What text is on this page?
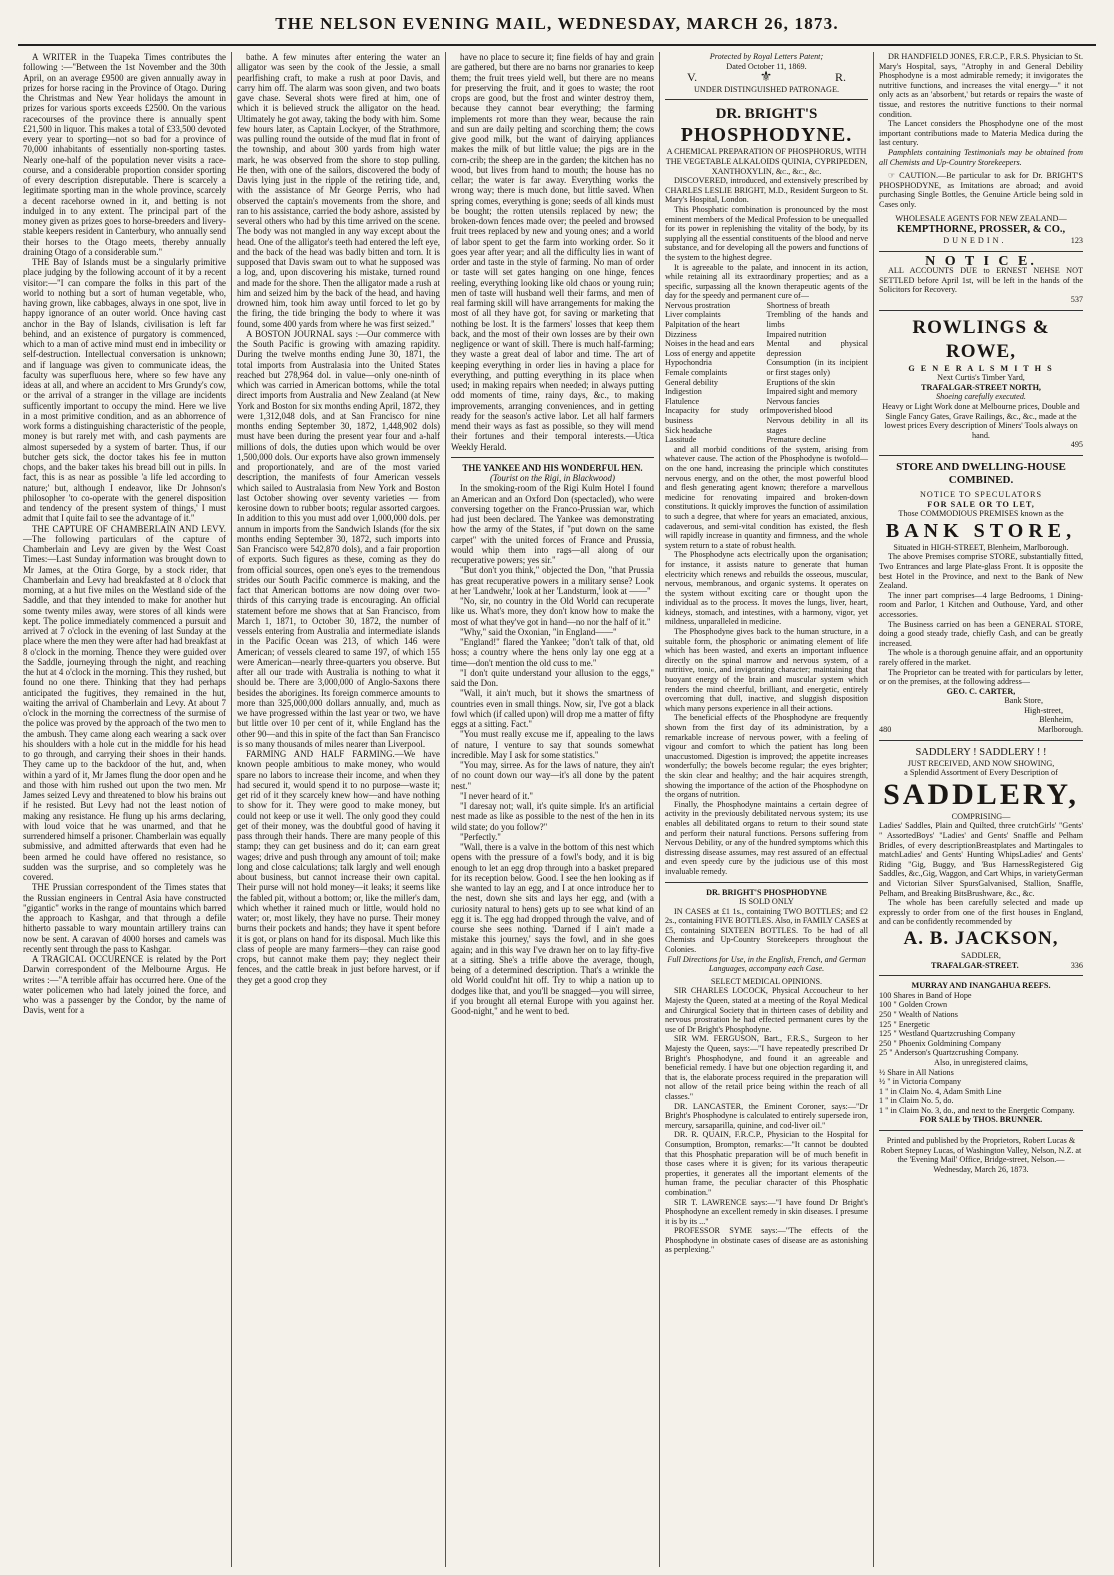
THE NELSON EVENING MAIL, WEDNESDAY, MARCH 26, 1873.

A WRITER in the Tuapeka Times contributes the following :—"Between the 1st November and the 30th April, on an average £9500 are given annually away in prizes for horse racing in the Province of Otago. During the Christmas and New Year holidays the amount in prizes for various sports exceeds £2500. On the various racecourses of the province there is annually spent £21,500 in liquor. This makes a total of £33,500 devoted every year to sporting—not so bad for a province of 70,000 inhabitants of essentially non-sporting tastes. Nearly one-half of the population never visits a race-course, and a considerable proportion consider sporting of every description disreputable. There is scarcely a legitimate sporting man in the whole province, scarcely a decent racehorse owned in it, and betting is not indulged in to any extent. The principal part of the money given as prizes goes to horse-breeders and livery-stable keepers resident in Canterbury, who annually send their horses to the Otago meets, thereby annually draining Otago of a considerable sum."

THE Bay of Islands must be a singularly primitive place judging by the following account of it by a recent visitor:—"I can compare the folks in this part of the world to nothing but a sort of human vegetable, who, having grown, like cabbages, always in one spot, live in happy ignorance of an outer world. Once having cast anchor in the Bay of Islands, civilisation is left far behind, and an existence of purgatory is commenced, which to a man of active mind must end in imbecility or self-destruction. Intellectual conversation is unknown; and if language was given to communicate ideas, the faculty was superfluous here, where so few have any ideas at all, and where an accident to Mrs Grundy's cow, or the arrival of a stranger in the village are incidents sufficently important to occupy the mind. Here we live in a most primitive condition, and as an abhorrence of work forms a distinguishing characteristic of the people, money is but rarely met with, and cash payments are almost superseded by a system of barter. Thus, if our butcher gets sick, the doctor takes his fee in mutton chops, and the baker takes his bread bill out in pills. In fact, this is as near as possible 'a life led according to nature;' but, although I endeavor, like Dr Johnson's philosopher 'to co-operate with the generel disposition and tendency of the present system of things,' I must admit that I quite fail to see the advantage of it."

THE CAPTURE OF CHAMBERLAIN AND LEVY.—The following particulars of the capture of Chamberlain and Levy are given by the West Coast Times:—Last Sunday information was brought down to Mr James, at the Otira Gorge, by a stock rider, that Chamberlain and Levy had breakfasted at 8 o'clock that morning, at a hut five miles on the Westland side of the Saddle, and that they intended to make for another hut some twenty miles away, were stores of all kinds were kept. The police immediately commenced a pursuit and arrived at 7 o'clock in the evening of last Sunday at the place where the men they were after had had breakfast at 8 o'clock in the morning. Thence they were guided over the Saddle, journeying through the night, and reaching the hut at 4 o'clock in the morning. This they rushed, but found no one there. Thinking that they had perhaps anticipated the fugitives, they remained in the hut, waiting the arrival of Chamberlain and Levy. At about 7 o'clock in the morning the correctness of the surmise of the police was proved by the approach of the two men to the ambush. They came along each wearing a sack over his shoulders with a hole cut in the middle for his head to go through, and carrying their shoes in their hands. They came up to the backdoor of the hut, and, when within a yard of it, Mr James flung the door open and he and those with him rushed out upon the two men. Mr James seized Levy and threatened to blow his brains out if he resisted. But Levy had not the least notion of making any resistance. He flung up his arms declaring, with loud voice that he was unarmed, and that he surrendered himself a prisoner. Chamberlain was equally submissive, and admitted afterwards that even had he been armed he could have offered no resistance, so sudden was the surprise, and so completely was he covered.

THE Prussian correspondent of the Times states that the Russian engineers in Central Asia have constructed "gigantic" works in the range of mountains which barred the approach to Kashgar, and that through a defile hitherto passable to wary mountain artillery trains can now be sent. A caravan of 4000 horses and camels was recently sent through the pass to Kashgar.

A TRAGICAL OCCURENCE is related by the Port Darwin correspondent of the Melbourne Argus. He writes :—"A terrible affair has occurred here. One of the water policemen who had lately joined the force, and who was a passenger by the Condor, by the name of Davis, went for a

bathe. A few minutes after entering the water an alligator was seen by the cook of the Jessie, a small pearlfishing craft, to make a rush at poor Davis, and carry him off. The alarm was soon given, and two boats gave chase. Several shots were fired at him, one of which it is believed struck the alligator on the head. Ultimately he got away, taking the body with him. Some few hours later, as Captain Lockyer, of the Strathmore, was pulling round the outside of the mud flat in front of the township, and about 300 yards from high water mark, he was observed from the shore to stop pulling. He then, with one of the sailors, discovered the body of Davis lying just in the ripple of the retiring tide, and, with the assistance of Mr George Perris, who had observed the captain's movements from the shore, and ran to his assistance, carried the body ashore, assisted by several others who had by this time arrived on the scene. The body was not mangled in any way except about the head. One of the alligator's teeth had entered the left eye, and the back of the head was badly bitten and torn. It is supposed that Davis swam out to what he supposed was a log, and, upon discovering his mistake, turned round and made for the shore. Then the alligator made a rush at him and seized him by the back of the head, and having drowned him, took him away until forced to let go by the firing, the tide bringing the body to where it was found, some 400 yards from where he was first seized."

A BOSTON JOURNAL says :—Our commerce with the South Pacific is growing with amazing rapidity. During the twelve months ending June 30, 1871, the total imports from Australasia into the United States reached but 278,964 dol. in value—only one-ninth of which was carried in American bottoms, while the total direct imports from Australia and New Zealand (at New York and Boston for six months ending April, 1872, they were 1,312,048 dols, and at San Francisco for nine months ending September 30, 1872, 1,448,902 dols) must have been during the present year four and a-half millions of dols, the duties upon which would be over 1,500,000 dols. Our exports have also grown immensely and proportionately, and are of the most varied description, the manifests of four American vessels which sailed to Australasia from New York and Boston last October showing over seventy varieties — from kerosine down to rubber boots; regular assorted cargoes. In addition to this you must add over 1,000,000 dols. per annum in imports from the Sandwich Islands (for the six months ending September 30, 1872, such imports into San Francisco were 542,870 dols), and a fair proportion of exports. Such figures as these, coming as they do from official sources, open one's eyes to the tremendous strides our South Pacific commerce is making, and the fact that American bottoms are now doing over two-thirds of this carrying trade is encouraging. An official statement before me shows that at San Francisco, from March 1, 1871, to October 30, 1872, the number of vessels entering from Australia and intermediate islands in the Pacific Ocean was 213, of which 146 were American; of vessels cleared to same 197, of which 155 were American—nearly three-quarters you observe. But after all our trade with Australia is nothing to what it should be. There are 3,000,000 of Anglo-Saxons there besides the aborigines. Its foreign commerce amounts to more than 325,000,000 dollars annually, and, much as we have progressed within the last year or two, we have but little over 10 per cent of it, while England has the other 90—and this in spite of the fact than San Francisco is so many thousands of miles nearer than Liverpool.

FARMING AND HALF FARMING.—We have known people ambitious to make money, who would spare no labors to increase their income, and when they had secured it, would spend it to no purpose—waste it; get rid of it they scarcely knew how—and have nothing to show for it. They were good to make money, but could not keep or use it well. The only good they could get of their money, was the doubtful good of having it pass through their hands. There are many people of this stamp; they can get business and do it; can earn great wages; drive and push through any amount of toil; make long and close calculations; talk largly and well enough about business, but cannot increase their own capital. Their purse will not hold money—it leaks; it seems like the fabled pit, without a bottom; or, like the miller's dam, which whether it rained much or little, would hold no water; or, most likely, they have no purse. Their money burns their pockets and hands; they have it spent before it is got, or plans on hand for its disposal. Much like this class of people are many farmers—they can raise good crops, but cannot make them pay; they neglect their fences, and the cattle break in just before harvest, or if they get a good crop they

have no place to secure it; fine fields of hay and grain are gathered, but there are no barns nor granaries to keep them; the fruit trees yield well, but there are no means for preserving the fruit, and it goes to waste; the root crops are good, but the frost and winter destroy them, because they cannot bear everything; the farming implements rot more than they wear, because the rain and sun are daily pelting and scorching them; the cows give good milk, but the want of dairying appliances makes the milk of but little value; the pigs are in the corn-crib; the sheep are in the garden; the kitchen has no wood, but lives from hand to mouth; the house has no cellar; the water is far away. Everything works the wrong way; there is much done, but little saved. When spring comes, everything is gone; seeds of all kinds must be bought; the rotten utensils replaced by new; the broken-down fences made over; the peeled and browsed fruit trees replaced by new and young ones; and a world of labor spent to get the farm into working order. So it goes year after year; and all the difficulty lies in want of order and taste in the style of farming. No man of order or taste will set gates hanging on one hinge, fences reeling, everything looking like old chaos or young ruin; men of taste will husband well their farms, and men of real farming skill will have arrangements for making the most of all they have got, for saving or marketing that nothing be lost. It is the farmers' losses that keep them back, and the most of their own losses are by their own negligence or want of skill. There is much half-farming; they waste a great deal of labor and time. The art of keeping everything in order lies in having a place for everything, and putting everything in its place when used; in making repairs when needed; in always putting odd moments of time, rainy days, &c., to making improvements, arranging conveniences, and in getting ready for the season's active labor. Let all half farmers mend their ways as fast as possible, so they will mend their fortunes and their temporal interests.—Utica Weekly Herald.

THE YANKEE AND HIS WONDERFUL HEN.

(Tourist on the Rigi, in Blackwood)

In the smoking-room of the Rigi Kulm Hotel I found an American and an Oxford Don (spectacled), who were conversing together on the Franco-Prussian war, which had just been declared. The Yankee was demonstrating how the army of the States, if "put down on the same carpet" with the united forces of France and Prussia, would whip them into rags—all along of our recuperative powers; yes sir."

"But don't you think," objected the Don, "that Prussia has great recuperative powers in a military sense? Look at her 'Landwehr,' look at her 'Landsturm,' look at ——"

"No, sir, no country in the Old World can recuperate like us. What's more, they don't know how to make the most of what they've got in hand—no nor the half of it."

"Why," said the Oxonian, "in England——"

"England!" flared the Yankee; "don't talk of that, old hoss; a country where the hens only lay one egg at a time—don't mention the old cuss to me."

"I don't quite understand your allusion to the eggs," said the Don.

"Wall, it ain't much, but it shows the smartness of countries even in small things. Now, sir, I've got a black fowl which (if called upon) will drop me a matter of fifty eggs at a sitting. Fact."

"You must really excuse me if, appealing to the laws of nature, I venture to say that sounds somewhat incredible. May I ask for some statistics."

"You may, sirree. As for the laws of nature, they ain't of no count down our way—it's all done by the patent nest."

"I never heard of it."

"I daresay not; wall, it's quite simple. It's an artificial nest made as like as possible to the nest of the hen in its wild state; do you follow?"

"Perfectly."

"Wall, there is a valve in the bottom of this nest which opens with the pressure of a fowl's body, and it is big enough to let an egg drop through into a basket prepared for its reception below. Good. I see the hen looking as if she wanted to lay an egg, and I at once introduce her to the nest, down she sits and lays her egg, and (with a curiosity natural to hens) gets up to see what kind of an egg it is. The egg had dropped through the valve, and of course she sees nothing. 'Darned if I ain't made a mistake this journey,' says the fowl, and in she goes again; and in this way I've drawn her on to lay fifty-five at a sitting. She's a trifle above the average, though, being of a determined description. That's a wrinkle the old World could'nt hit off. Try to whip a nation up to dodges like that, and you'll be snagged—you will sirree, if you brought all eternal Europe with you against her. Good-night," and he went to bed.

Protected by Royal Letters Patent;

Dated October 11, 1869.

V.	⚜	R.

UNDER DISTINGUISHED PATRONAGE.

DR. BRIGHT'S
PHOSPHODYNE.

A CHEMICAL PREPARATION OF PHOSPHORUS, WITH THE VEGETABLE ALKALOIDS QUINIA, CYPRIPEDEN, XANTHOXYLIN, &c., &c., &c.

DISCOVERED, introduced, and extensively prescribed by CHARLES LESLIE BRIGHT, M.D., Resident Surgeon to St. Mary's Hospital, London.

This Phosphatic combination is pronounced by the most eminent members of the Medical Profession to be unequalled for its power in replenishing the vitality of the body, by its supplying all the essential constituents of the blood and nerve substance, and for developing all the powers and functions of the system to the highest degree.

It is agreeable to the palate, and innocent in its action, while retaining all its extraordinary properties; and as a specific, surpassing all the known therapeutic agents of the day for the speedy and permanent cure of—

Nervous prostration
Liver complaints
Palpitation of the heart
Dizziness
Noises in the head and ears
Loss of energy and appetite
Hypochondria
Female complaints
General debility
Indigestion
Flatulence
Incapacity for study or business
Sick headache
Lassitude
Shortness of breath
Trembling of the hands and limbs
Impaired nutrition
Mental and physical depression
Consumption (in its incipient or first stages only)
Eruptions of the skin
Impaired sight and memory
Nervous fancies
Impoverished blood
Nervous debility in all its stages
Premature decline

and all morbid conditions of the system, arising from whatever cause. The action of the Phosphodyne is twofold—on the one hand, increasing the principle which constitutes nervous energy, and on the other, the most powerful blood and flesh generating agent known; therefore a marvellous medicine for renovating impaired and broken-down constitutions. It quickly improves the function of assimilation to such a degree, that where for years an emaciated, anxious, cadaverous, and semi-vital condition has existed, the flesh will rapidly increase in quantity and firmness, and the whole system return to a state of robust health.

The Phosphodyne acts electrically upon the organisation; for instance, it assists nature to generate that human electricity which renews and rebuilds the osseous, muscular, nervous, membranous, and organic systems. It operates on the system without exciting care or thought upon the individual as to the process. It moves the lungs, liver, heart, kidneys, stomach, and intestines, with a harmony, vigor, yet mildness, unparalleled in medicine.

The Phosphodyne gives back to the human structure, in a suitable form, the phosphoric or animating element of life which has been wasted, and exerts an important influence directly on the spinal marrow and nervous system, of a nutritive, tonic, and invigorating character; maintaining that buoyant energy of the brain and muscular system which renders the mind cheerful, brilliant, and energetic, entirely overcoming that dull, inactive, and sluggish disposition which many persons experience in all their actions.

The beneficial effects of the Phosphodyne are frequently shown from the first day of its administration, by a remarkable increase of nervous power, with a feeling of vigour and comfort to which the patient has long been unaccustomed. Digestion is improved; the appetite increases wonderfully; the bowels become regular; the eyes brighter; the skin clear and healthy; and the hair acquires strength, showing the importance of the action of the Phosphodyne on the organs of nutrition.

Finally, the Phosphodyne maintains a certain degree of activity in the previously debilitated nervous system; its use enables all debilitated organs to return to their sound state and perform their natural functions. Persons suffering from Nervous Debility, or any of the hundred symptoms which this distressing disease assumes, may rest assured of an effectual and even speedy cure by the judicious use of this most invaluable remedy.

DR. BRIGHT'S PHOSPHODYNE

IS SOLD ONLY

IN CASES at £1 1s., containing TWO BOTTLES; and £2 2s., containing FIVE BOTTLES. Also, in FAMILY CASES at £5, containing SIXTEEN BOTTLES. To be had of all Chemists and Up-Country Storekeepers throughout the Colonies.

Full Directions for Use, in the English, French, and German Languages, accompany each Case.

SELECT MEDICAL OPINIONS.

SIR CHARLES LOCOCK, Physical Accoucheur to her Majesty the Queen, stated at a meeting of the Royal Medical and Chirurgical Society that in thirteen cases of debility and nervous prostration he had effected permanent cures by the use of Dr Bright's Phosphodyne.

SIR WM. FERGUSON, Bart., F.R.S., Surgeon to her Majesty the Queen, says:—"I have repeatedly prescribed Dr Bright's Phosphodyne, and found it an agreeable and beneficial remedy. I have but one objection regarding it, and that is, the elaborate process required in the preparation will not allow of the retail price being within the reach of all classes."

DR. LANCASTER, the Eminent Coroner, says:—"Dr Bright's Phosphodyne is calculated to entirely supersede iron, mercury, sarsaparilla, quinine, and cod-liver oil."

DR. R. QUAIN, F.R.C.P., Physician to the Hospital for Consumption, Brompton, remarks:—"It cannot be doubted that this Phosphatic preparation will be of much benefit in those cases where it is given; for its various therapeutic properties, it generates all the important elements of the human frame, the peculiar character of this Phosphatic combination."

SIR T. LAWRENCE says:—"I have found Dr Bright's Phosphodyne an excellent remedy in skin diseases. I presume it is by its ..."

PROFESSOR SYME says:—"The effects of the Phosphodyne in obstinate cases of disease are as astonishing as perplexing."

DR HANDFIELD JONES, F.R.C.P., F.R.S. Physician to St. Mary's Hospital, says, "Atrophy in and General Debility Phosphodyne is a most admirable remedy; it invigorates the nutritive functions, and increases the vital energy—" it not only acts as an 'absorbent,' but retards or repairs the waste of tissue, and restores the nutritive functions to their normal condition.

The Lancet considers the Phosphodyne one of the most important contributions made to Materia Medica during the last century.

Pamphlets containing Testimonials may be obtained from all Chemists and Up-Country Storekeepers.

☞ CAUTION.—Be particular to ask for Dr. BRIGHT'S PHOSPHODYNE, as Imitations are abroad; and avoid purchasing Single Bottles, the Genuine Article being sold in Cases only.

WHOLESALE AGENTS FOR NEW ZEALAND—

KEMPTHORNE, PROSSER, & CO.,

DUNEDIN.	123
N O T I C E.

ALL ACCOUNTS DUE to ERNEST NEHSE NOT SETTLED before April 1st, will be left in the hands of the Solicitors for Recovery.

537

ROWLINGS & ROWE,

G E N E R A L S M I T H S

Next Curtis's Timber Yard,

TRAFALGAR-STREET NORTH,

Shoeing carefully executed.

Heavy or Light Work done at Melbourne prices, Double and Single Fancy Gates, Grave Railings, &c., &c., made at the lowest prices Every description of Miners' Tools always on hand.

495

STORE AND DWELLING-HOUSE COMBINED.

NOTICE TO SPECULATORS

FOR SALE OR TO LET,

Those COMMODIOUS PREMISES known as the

BANK STORE,

Situated in HIGH-STREET, Blenheim, Marlborough.

The above Premises comprise STORE, substantially fitted, Two Entrances and large Plate-glass Front. It is opposite the best Hotel in the Province, and next to the Bank of New Zealand.

The inner part comprises—4 large Bedrooms, 1 Dining-room and Parlor, 1 Kitchen and Outhouse, Yard, and other accessories.

The Business carried on has been a GENERAL STORE, doing a good steady trade, chiefly Cash, and can be greatly increased.

The whole is a thorough genuine affair, and an opportunity rarely offered in the market.

The Proprietor can be treated with for particulars by letter, or on the premises, at the following address—

GEO. C. CARTER,

Bank Store,

High-street,

Blenheim,

480	Marlborough.

SADDLERY ! SADDLERY ! !

JUST RECEIVED, AND NOW SHOWING,

a Splendid Assortment of Every Description of

SADDLERY,

COMPRISING—

Ladies' Saddles, Plain and Quilted, three crutchGirls' "Gents' " AssortedBoys' "Ladies' and Gents' Snaffle and Pelham Bridles, of every descriptionBreastplates and Martingales to matchLadies' and Gents' Hunting WhipsLadies' and Gents' Riding "Gig, Buggy, and 'Bus HarnessRegistered Gig Saddles, &c.,Gig, Waggon, and Cart Whips, in varietyGerman and Victorian Silver SpursGalvanised, Stallion, Snaffle, Pelham, and Breaking BitsBrushware, &c., &c.

The whole has been carefully selected and made up expressly to order from one of the first houses in England, and can be confidently recommended by

A. B. JACKSON,

SADDLER,

TRAFALGAR-STREET.	336

MURRAY AND INANGAHUA REEFS.

100 Shares in Band of Hope
100 " Golden Crown
250 " Wealth of Nations
125 " Energetic
125 " Westland Quartzcrushing Company
250 " Phoenix Goldmining Company
25 " Anderson's Quartzcrushing Company.

Also, in unregistered claims,

½ Share in All Nations
½ " in Victoria Company
1 " in Claim No. 4, Adam Smith Line
1 " in Claim No. 5, do.
1 " in Claim No. 3, do., and next to the Energetic Company.

FOR SALE by THOS. BRUNNER.

Printed and published by the Proprietors, Robert Lucas & Robert Stepney Lucas, of Washington Valley, Nelson, N.Z. at the 'Evening Mail' Office, Bridge-street, Nelson.—

Wednesday, March 26, 1873.
